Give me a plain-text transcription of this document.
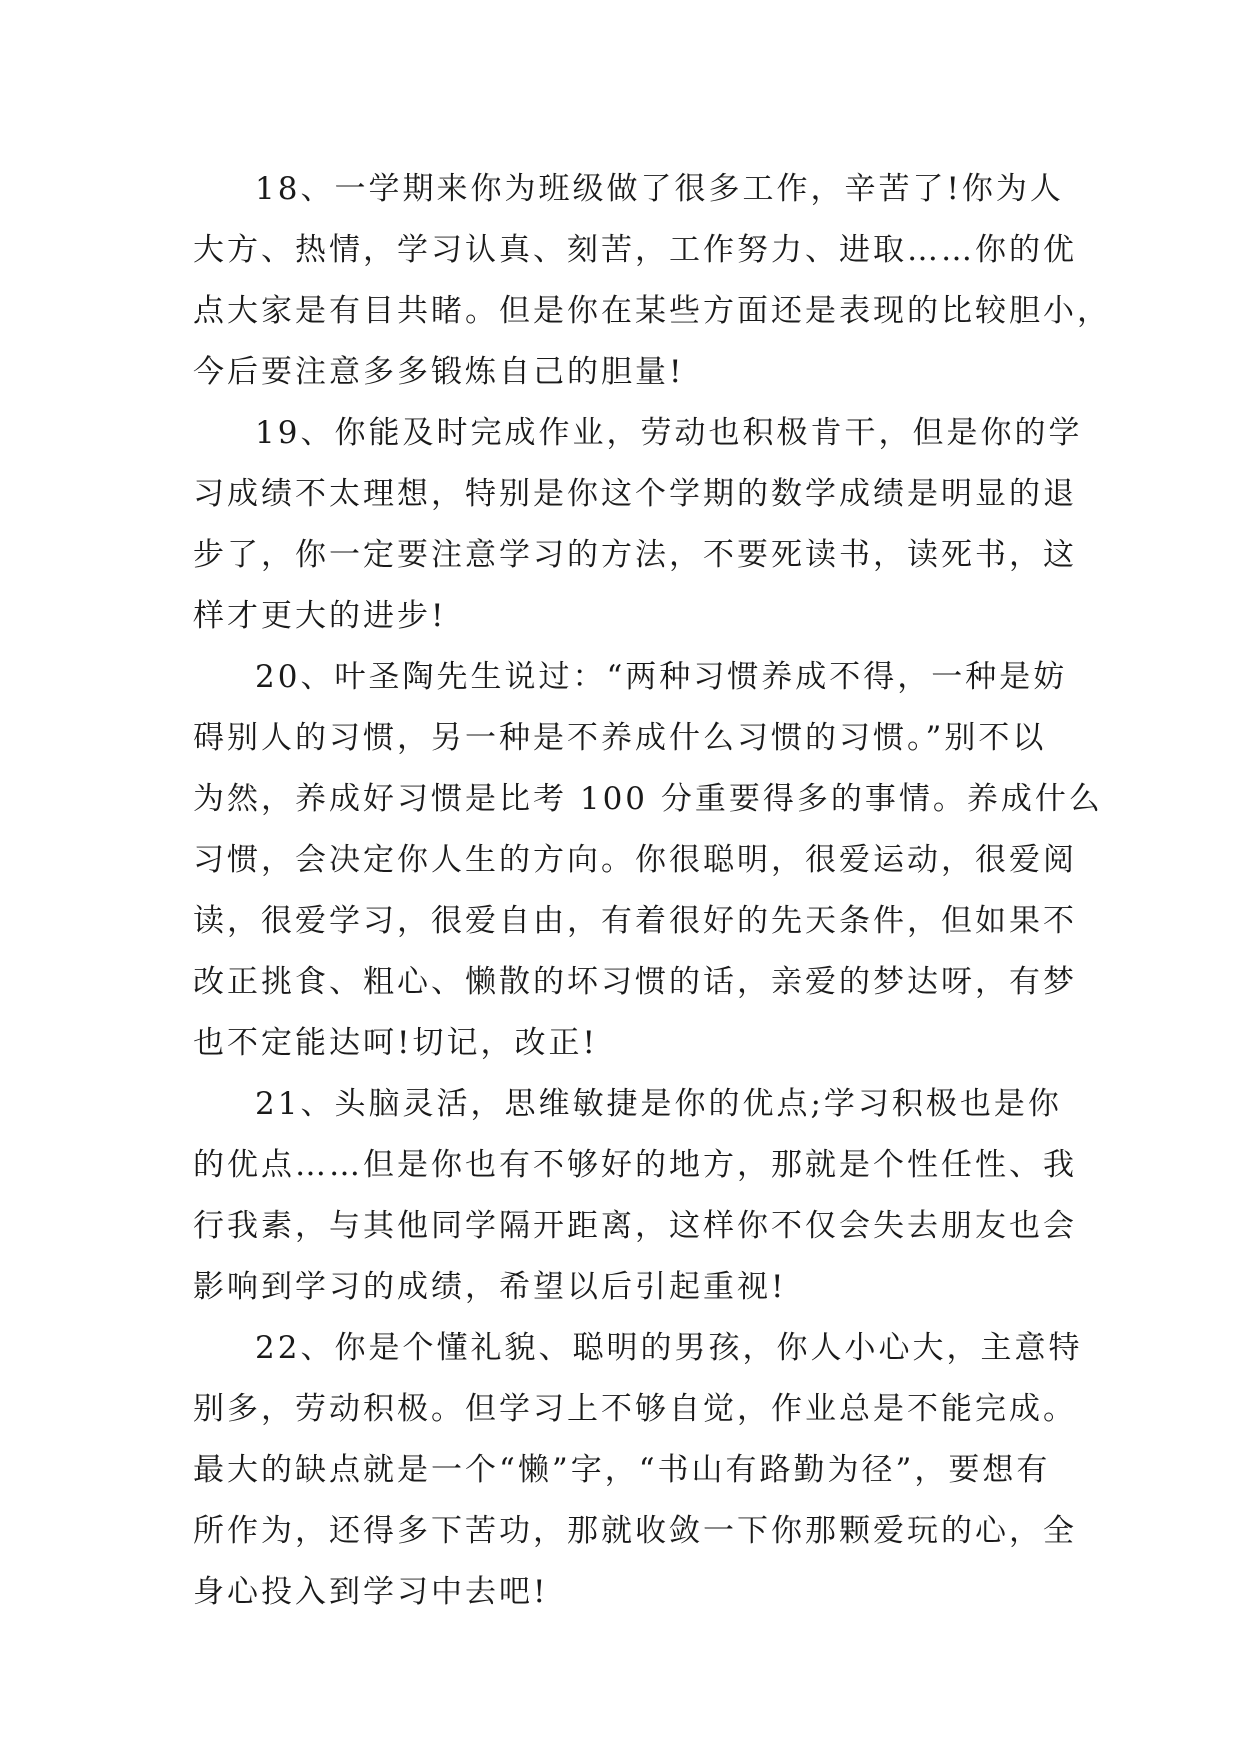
18、一学期来你为班级做了很多工作，辛苦了!你为人
大方、热情，学习认真、刻苦，工作努力、进取……你的优
点大家是有目共睹。但是你在某些方面还是表现的比较胆小，
今后要注意多多锻炼自己的胆量!
19、你能及时完成作业，劳动也积极肯干，但是你的学
习成绩不太理想，特别是你这个学期的数学成绩是明显的退
步了，你一定要注意学习的方法，不要死读书，读死书，这
样才更大的进步!
20、叶圣陶先生说过：“两种习惯养成不得，一种是妨
碍别人的习惯，另一种是不养成什么习惯的习惯。”别不以
为然，养成好习惯是比考 100 分重要得多的事情。养成什么
习惯，会决定你人生的方向。你很聪明，很爱运动，很爱阅
读，很爱学习，很爱自由，有着很好的先天条件，但如果不
改正挑食、粗心、懒散的坏习惯的话，亲爱的梦达呀，有梦
也不定能达呵!切记，改正!
21、头脑灵活，思维敏捷是你的优点;学习积极也是你
的优点……但是你也有不够好的地方，那就是个性任性、我
行我素，与其他同学隔开距离，这样你不仅会失去朋友也会
影响到学习的成绩，希望以后引起重视!
22、你是个懂礼貌、聪明的男孩，你人小心大，主意特
别多，劳动积极。但学习上不够自觉，作业总是不能完成。
最大的缺点就是一个“懒”字，“书山有路勤为径”，要想有
所作为，还得多下苦功，那就收敛一下你那颗爱玩的心，全
身心投入到学习中去吧!
